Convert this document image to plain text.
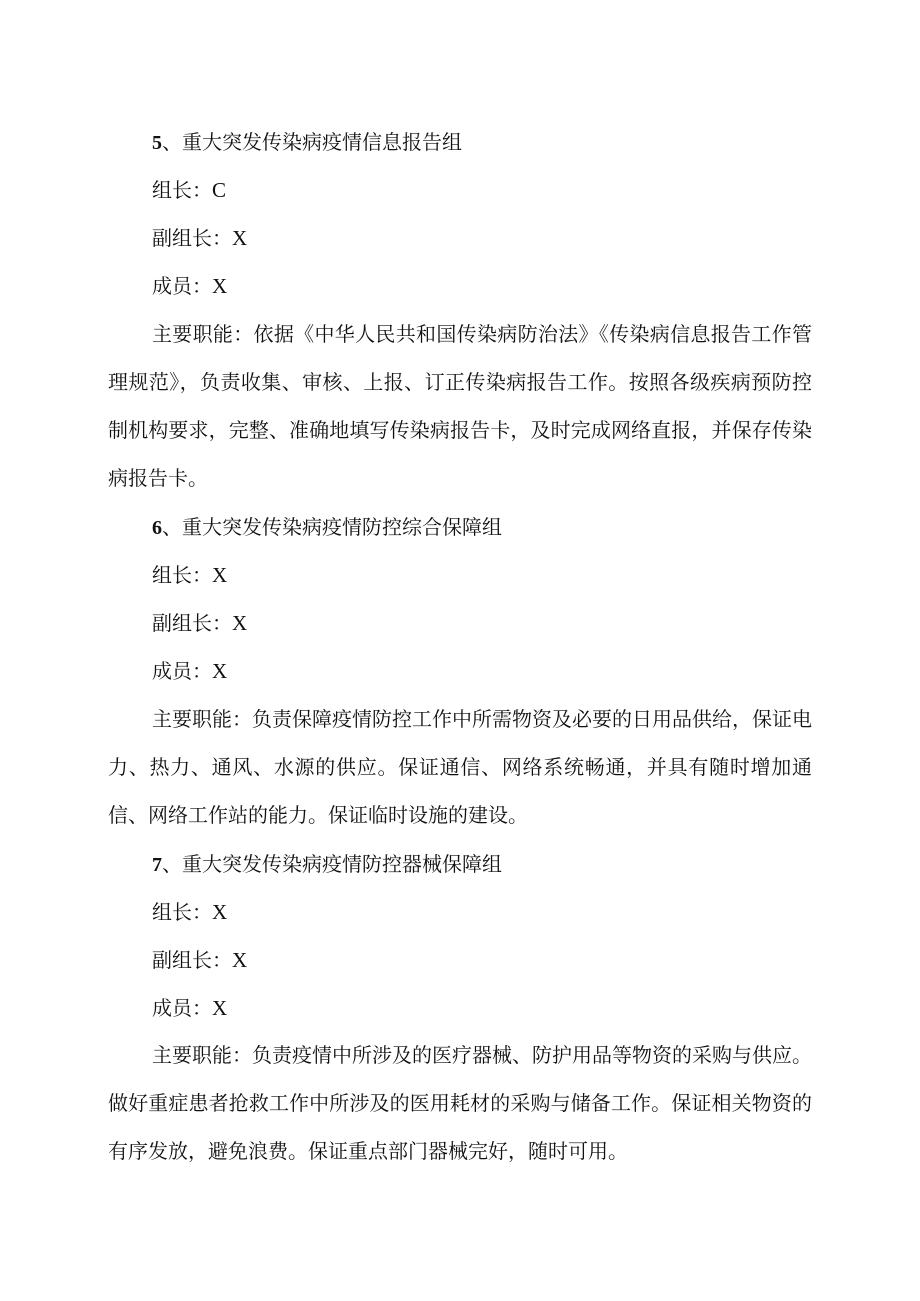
5、重大突发传染病疫情信息报告组
组长：C
副组长：X
成员：X
主要职能：依据《中华人民共和国传染病防治法》《传染病信息报告工作管理规范》，负责收集、审核、上报、订正传染病报告工作。按照各级疾病预防控制机构要求，完整、准确地填写传染病报告卡，及时完成网络直报，并保存传染病报告卡。
6、重大突发传染病疫情防控综合保障组
组长：X
副组长：X
成员：X
主要职能：负责保障疫情防控工作中所需物资及必要的日用品供给，保证电力、热力、通风、水源的供应。保证通信、网络系统畅通，并具有随时增加通信、网络工作站的能力。保证临时设施的建设。
7、重大突发传染病疫情防控器械保障组
组长：X
副组长：X
成员：X
主要职能：负责疫情中所涉及的医疗器械、防护用品等物资的采购与供应。做好重症患者抢救工作中所涉及的医用耗材的采购与储备工作。保证相关物资的有序发放，避免浪费。保证重点部门器械完好，随时可用。
